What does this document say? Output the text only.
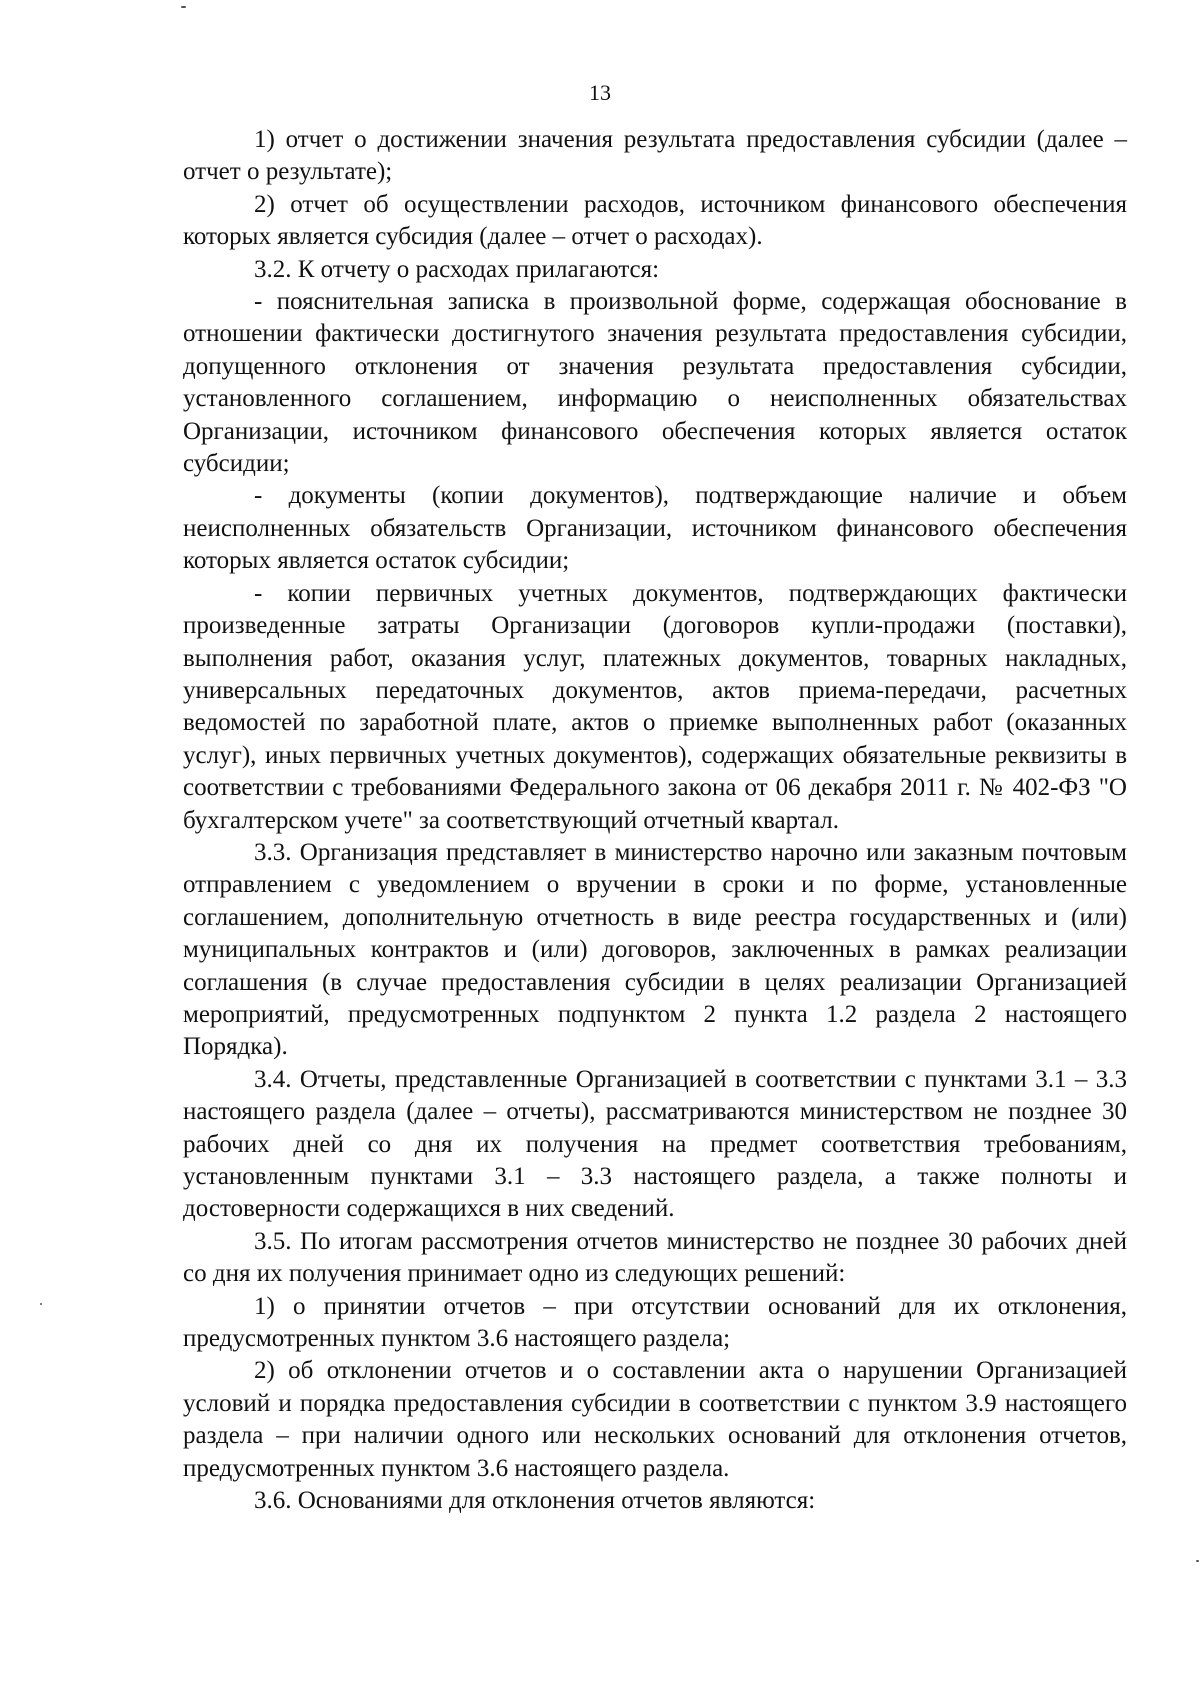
13

1) отчет о достижении значения результата предоставления субсидии (далее – отчет о результате);

2) отчет об осуществлении расходов, источником финансового обеспечения которых является субсидия (далее – отчет о расходах).

3.2. К отчету о расходах прилагаются:

- пояснительная записка в произвольной форме, содержащая обоснование в отношении фактически достигнутого значения результата предоставления субсидии, допущенного отклонения от значения результата предоставления субсидии, установленного соглашением, информацию о неисполненных обязательствах Организации, источником финансового обеспечения которых является остаток субсидии;

- документы (копии документов), подтверждающие наличие и объем неисполненных обязательств Организации, источником финансового обеспечения которых является остаток субсидии;

- копии первичных учетных документов, подтверждающих фактически произведенные затраты Организации (договоров купли-продажи (поставки), выполнения работ, оказания услуг, платежных документов, товарных накладных, универсальных передаточных документов, актов приема-передачи, расчетных ведомостей по заработной плате, актов о приемке выполненных работ (оказанных услуг), иных первичных учетных документов), содержащих обязательные реквизиты в соответствии с требованиями Федерального закона от 06 декабря 2011 г. № 402-ФЗ "О бухгалтерском учете" за соответствующий отчетный квартал.

3.3. Организация представляет в министерство нарочно или заказным почтовым отправлением с уведомлением о вручении в сроки и по форме, установленные соглашением, дополнительную отчетность в виде реестра государственных и (или) муниципальных контрактов и (или) договоров, заключенных в рамках реализации соглашения (в случае предоставления субсидии в целях реализации Организацией мероприятий, предусмотренных подпунктом 2 пункта 1.2 раздела 2 настоящего Порядка).

3.4. Отчеты, представленные Организацией в соответствии с пунктами 3.1 – 3.3 настоящего раздела (далее – отчеты), рассматриваются министерством не позднее 30 рабочих дней со дня их получения на предмет соответствия требованиям, установленным пунктами 3.1 – 3.3 настоящего раздела, а также полноты и достоверности содержащихся в них сведений.

3.5. По итогам рассмотрения отчетов министерство не позднее 30 рабочих дней со дня их получения принимает одно из следующих решений:

1) о принятии отчетов – при отсутствии оснований для их отклонения, предусмотренных пунктом 3.6 настоящего раздела;

2) об отклонении отчетов и о составлении акта о нарушении Организацией условий и порядка предоставления субсидии в соответствии с пунктом 3.9 настоящего раздела – при наличии одного или нескольких оснований для отклонения отчетов, предусмотренных пунктом 3.6 настоящего раздела.

3.6. Основаниями для отклонения отчетов являются:
